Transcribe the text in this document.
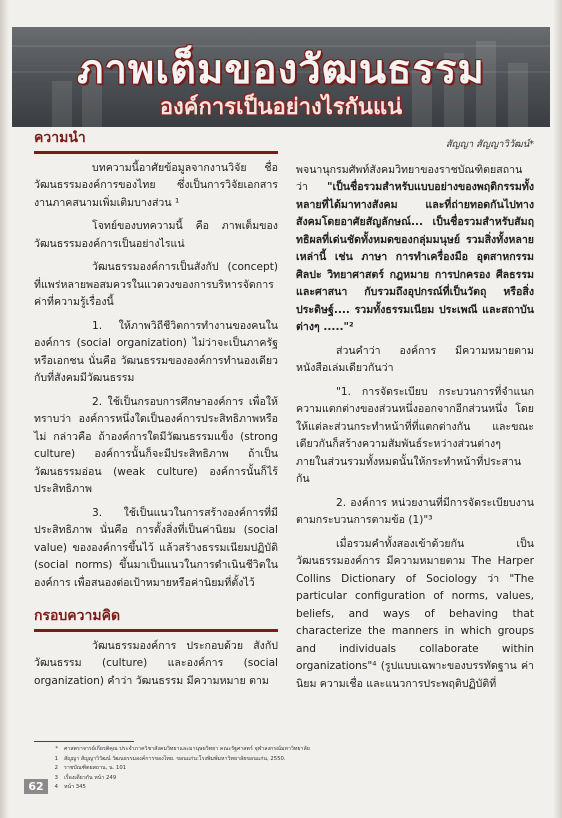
ภาพเต็มของวัฒนธรรม
องค์การเป็นอย่างไรกันแน่
ความนำ

บทความนี้อาศัยข้อมูลจากงานวิจัย ชื่อ วัฒนธรรมองค์การของไทย ซึ่งเป็นการวิจัยเอกสารงานภาคสนามเพิ่มเติมบางส่วน ¹

โจทย์ของบทความนี้ คือ ภาพเต็มของวัฒนธรรมองค์การเป็นอย่างไรแน่

วัฒนธรรมองค์การเป็นสังกัป (concept) ที่แพร่หลายพอสมควรในแวดวงของการบริหารจัดการ ค่าที่ความรู้เรื่องนี้

1. ให้ภาพวิถีชีวิตการทำงานของคนในองค์การ (social organization) ไม่ว่าจะเป็นภาครัฐหรือเอกชน นั่นคือ วัฒนธรรมขององค์การทำนองเดียวกับที่สังคมมีวัฒนธรรม

2. ใช้เป็นกรอบการศึกษาองค์การ เพื่อให้ทราบว่า องค์การหนึ่งใดเป็นองค์การประสิทธิภาพหรือไม่ กล่าวคือ ถ้าองค์การใดมีวัฒนธรรมแข็ง (strong culture) องค์การนั้นก็จะมีประสิทธิภาพ ถ้าเป็นวัฒนธรรมอ่อน (weak culture) องค์การนั้นก็ไร้ประสิทธิภาพ

3. ใช้เป็นแนวในการสร้างองค์การที่มีประสิทธิภาพ นั่นคือ การตั้งสิ่งที่เป็นค่านิยม (social value) ขององค์การขึ้นไว้ แล้วสร้างธรรมเนียมปฏิบัติ (social norms) ขึ้นมาเป็นแนวในการดำเนินชีวิตในองค์การ เพื่อสนองต่อเป้าหมายหรือค่านิยมที่ตั้งไว้

กรอบความคิด

วัฒนธรรมองค์การ ประกอบด้วย สังกัปวัฒนธรรม (culture) และองค์การ (social organization) คำว่า วัฒนธรรม มีความหมาย ตาม

สัญญา สัญญาวิวัฒน์*

พจนานุกรมศัพท์สังคมวิทยาของราชบัณฑิตยสถาน ว่า "เป็นชื่อรวมสำหรับแบบอย่างของพฤติกรรมทั้งหลายที่ได้มาทางสังคม และที่ถ่ายทอดกันไปทางสังคมโดยอาศัยสัญลักษณ์... เป็นชื่อรวมสำหรับสัมฤทธิผลที่เด่นชัดทั้งหมดของกลุ่มมนุษย์ รวมสิ่งทั้งหลายเหล่านี้ เช่น ภาษา การทำเครื่องมือ อุตสาหกรรม ศิลปะ วิทยาศาสตร์ กฎหมาย การปกครอง ศีลธรรมและศาสนา กับรวมถึงอุปกรณ์ที่เป็นวัตถุ หรือสิ่งประดิษฐ์.... รวมทั้งธรรมเนียม ประเพณี และสถาบันต่างๆ ....."²

ส่วนคำว่า องค์การ มีความหมายตามหนังสือเล่มเดียวกันว่า

"1. การจัดระเบียบ กระบวนการที่จำแนกความแตกต่างของส่วนหนึ่งออกจากอีกส่วนหนึ่ง โดยให้แต่ละส่วนกระทำหน้าที่ที่แตกต่างกัน และขณะเดียวกันก็สร้างความสัมพันธ์ระหว่างส่วนต่างๆ ภายในส่วนรวมทั้งหมดนั้นให้กระทำหน้าที่ประสานกัน

2. องค์การ หน่วยงานที่มีการจัดระเบียบงานตามกระบวนการตามข้อ (1)"³

เมื่อรวมคำทั้งสองเข้าด้วยกัน เป็น วัฒนธรรมองค์การ มีความหมายตาม The Harper Collins Dictionary of Sociology ว่า "The particular configuration of norms, values, beliefs, and ways of behaving that characterize the manners in which groups and individuals collaborate within organizations"⁴ (รูปแบบเฉพาะของบรรทัดฐาน ค่านิยม ความเชื่อ และแนวการประพฤติปฏิบัติที่

* ศาสตราจารย์เกียรติคุณ ประจำภาควิชาสังคมวิทยาและมานุษยวิทยา คณะรัฐศาสตร์ จุฬาลงกรณ์มหาวิทยาลัย
1 สัญญา สัญญาวิวัฒน์ วัฒนธรรมองค์การของไทย. ขอนแก่น:โรงพิมพ์มหาวิทยาลัยขอนแก่น, 2550.
2 ราชบัณฑิตยสถาน, น. 101
3 เรื่องเดียวกัน หน้า 249
4 หน้า 345
62
